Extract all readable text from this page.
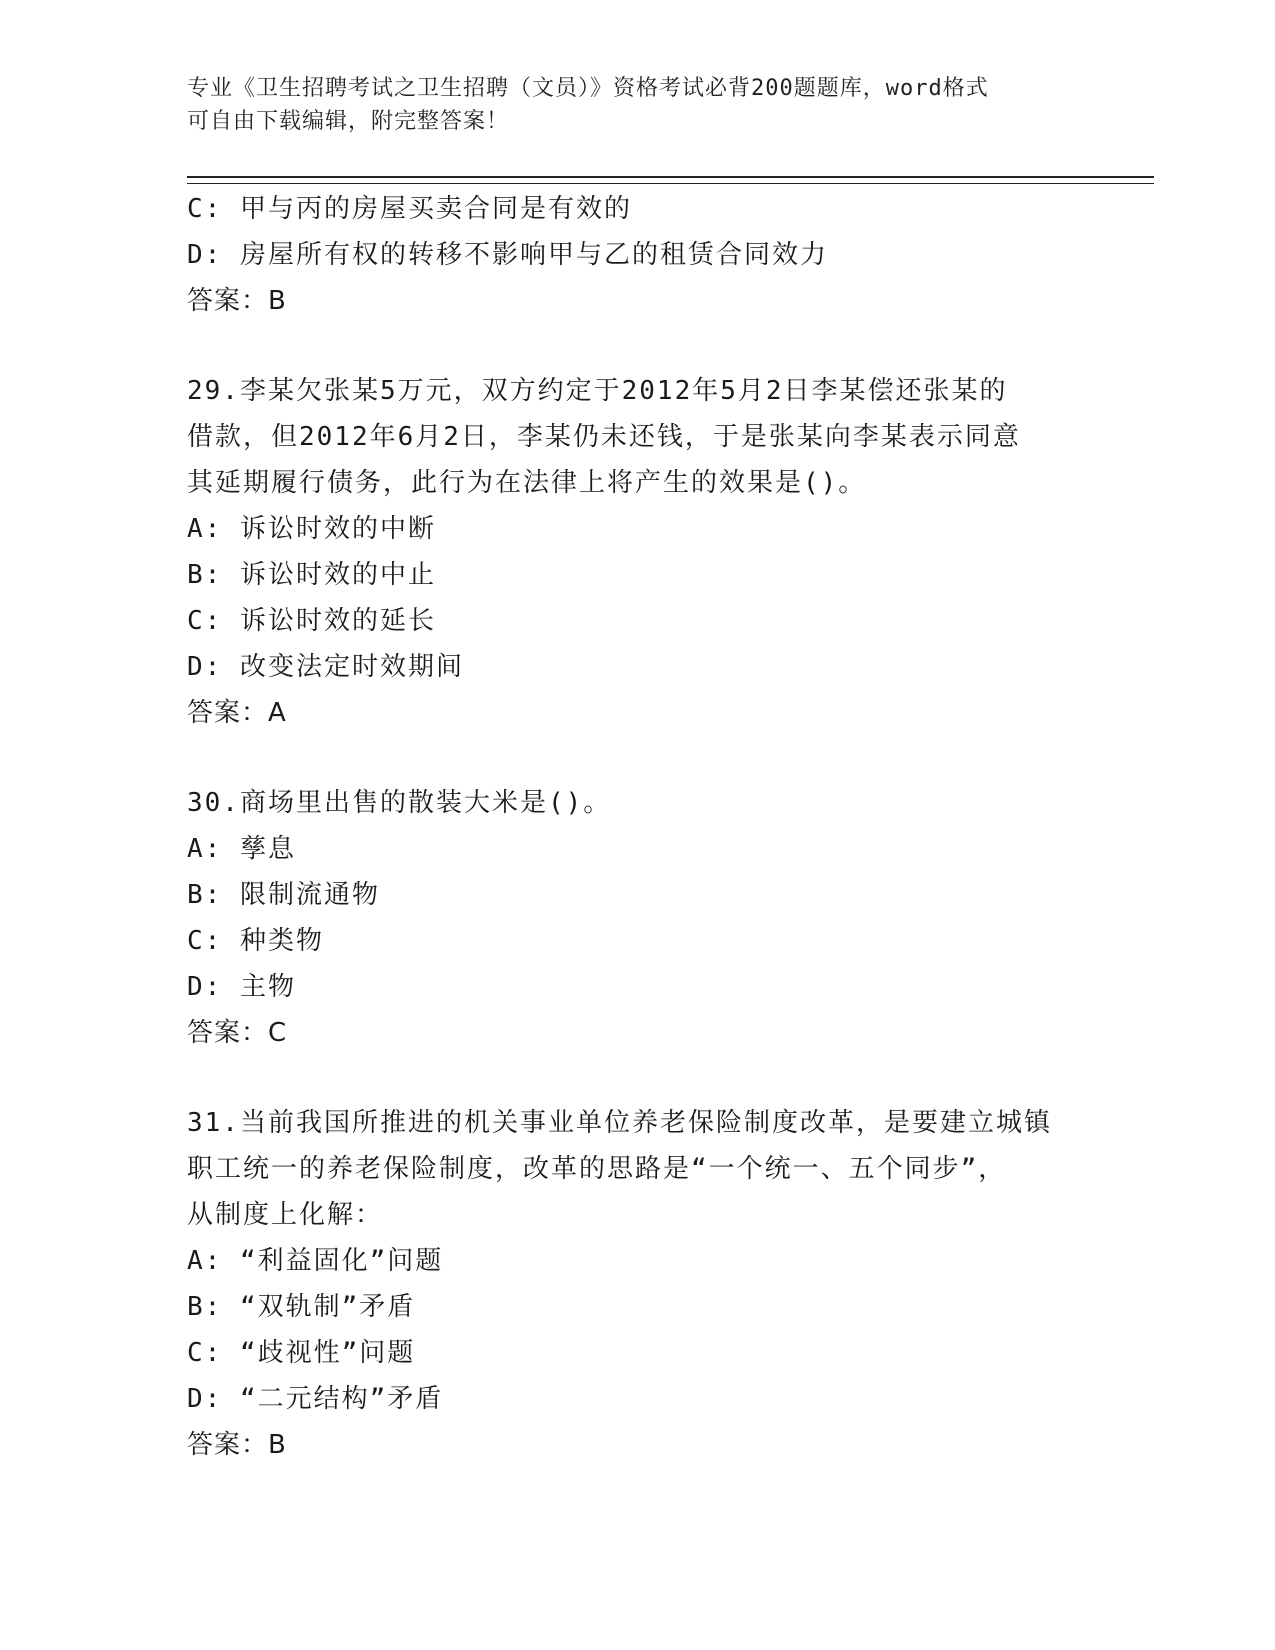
专业《卫生招聘考试之卫生招聘（文员）》资格考试必背200题题库，word格式
可自由下载编辑，附完整答案！
C: 甲与丙的房屋买卖合同是有效的
D: 房屋所有权的转移不影响甲与乙的租赁合同效力
答案：B
29.李某欠张某5万元，双方约定于2012年5月2日李某偿还张某的
借款，但2012年6月2日，李某仍未还钱，于是张某向李某表示同意
其延期履行债务，此行为在法律上将产生的效果是()。
A: 诉讼时效的中断
B: 诉讼时效的中止
C: 诉讼时效的延长
D: 改变法定时效期间
答案：A
30.商场里出售的散装大米是()。
A: 孳息
B: 限制流通物
C: 种类物
D: 主物
答案：C
31.当前我国所推进的机关事业单位养老保险制度改革，是要建立城镇
职工统一的养老保险制度，改革的思路是“一个统一、五个同步”，
从制度上化解：
A: “利益固化”问题
B: “双轨制”矛盾
C: “歧视性”问题
D: “二元结构”矛盾
答案：B
